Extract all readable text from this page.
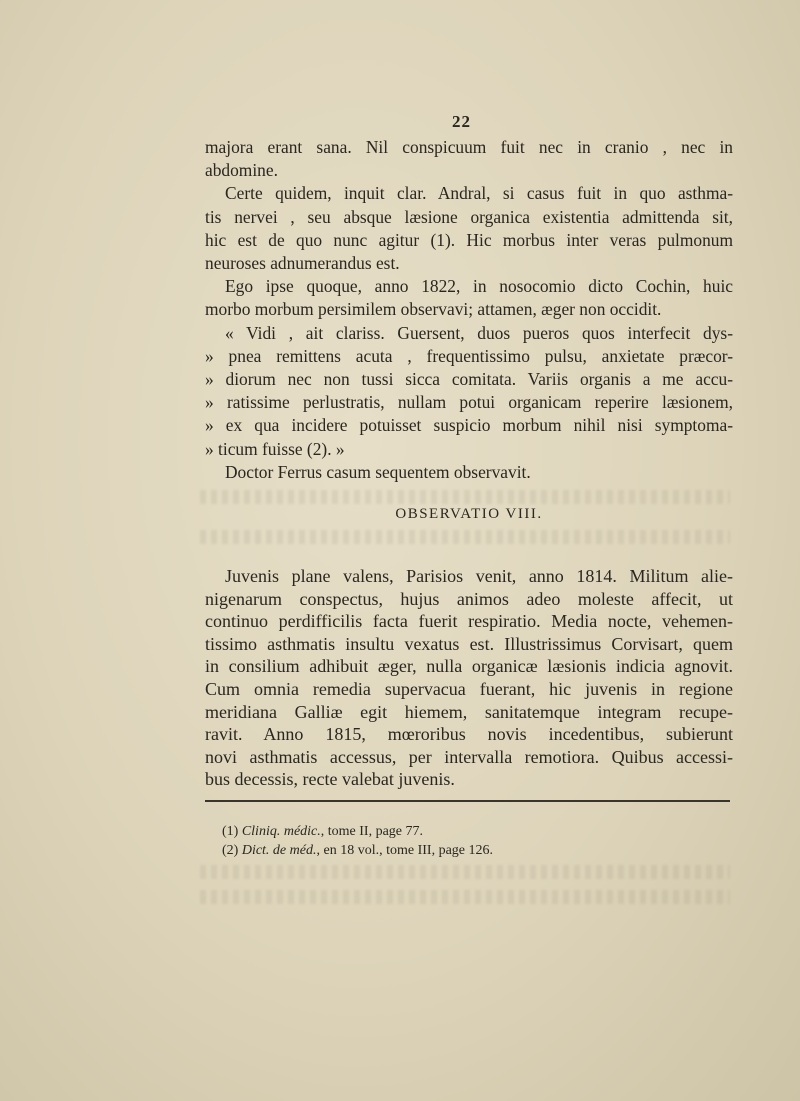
22
majora erant sana. Nil conspicuum fuit nec in cranio , nec in
abdomine.
Certe quidem, inquit clar. Andral, si casus fuit in quo asthma-
tis nervei , seu absque læsione organica existentia admittenda sit,
hic est de quo nunc agitur (1). Hic morbus inter veras pulmonum
neuroses adnumerandus est.
Ego ipse quoque, anno 1822, in nosocomio dicto Cochin, huic
morbo morbum persimilem observavi; attamen, æger non occidit.
« Vidi , ait clariss. Guersent, duos pueros quos interfecit dys-
» pnea remittens acuta , frequentissimo pulsu, anxietate præcor-
» diorum nec non tussi sicca comitata. Variis organis a me accu-
» ratissime perlustratis, nullam potui organicam reperire læsionem,
» ex qua incidere potuisset suspicio morbum nihil nisi symptoma-
» ticum fuisse (2). »
Doctor Ferrus casum sequentem observavit.
OBSERVATIO VIII.
Juvenis plane valens, Parisios venit, anno 1814. Militum alie-
nigenarum conspectus, hujus animos adeo moleste affecit, ut
continuo perdifficilis facta fuerit respiratio. Media nocte, vehemen-
tissimo asthmatis insultu vexatus est. Illustrissimus Corvisart, quem
in consilium adhibuit æger, nulla organicæ læsionis indicia agnovit.
Cum omnia remedia supervacua fuerant, hic juvenis in regione
meridiana Galliæ egit hiemem, sanitatemque integram recupe-
ravit. Anno 1815, mœroribus novis incedentibus, subierunt
novi asthmatis accessus, per intervalla remotiora. Quibus accessi-
bus decessis, recte valebat juvenis.
(1) Cliniq. médic., tome II, page 77.
(2) Dict. de méd., en 18 vol., tome III, page 126.
